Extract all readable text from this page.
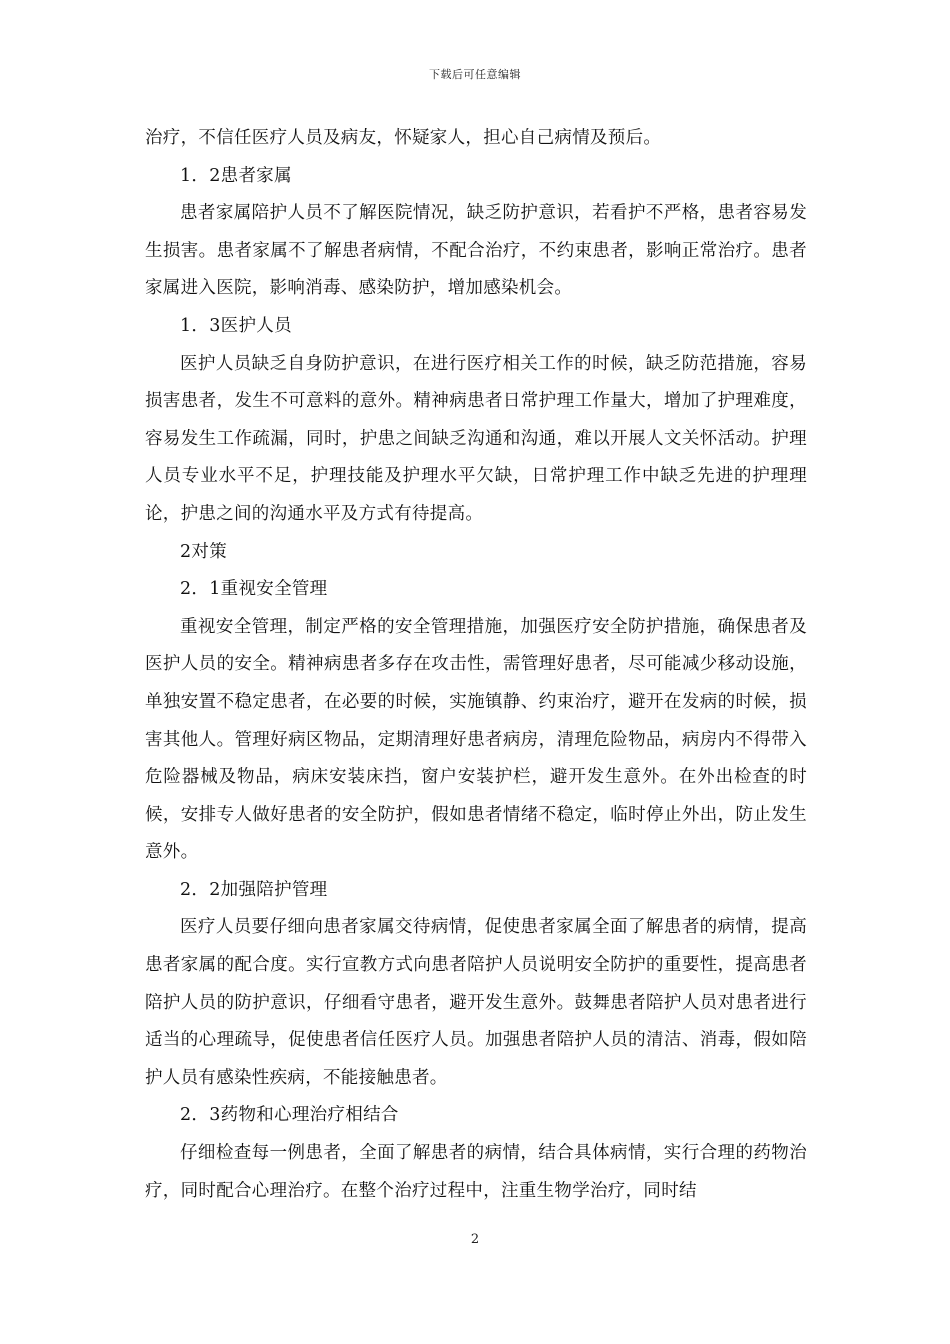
下载后可任意编辑

治疗，不信任医疗人员及病友，怀疑家人，担心自己病情及预后。

1．2患者家属

患者家属陪护人员不了解医院情况，缺乏防护意识，若看护不严格，患者容易发生损害。患者家属不了解患者病情，不配合治疗，不约束患者，影响正常治疗。患者家属进入医院，影响消毒、感染防护，增加感染机会。

1．3医护人员

医护人员缺乏自身防护意识，在进行医疗相关工作的时候，缺乏防范措施，容易损害患者，发生不可意料的意外。精神病患者日常护理工作量大，增加了护理难度，容易发生工作疏漏，同时，护患之间缺乏沟通和沟通，难以开展人文关怀活动。护理人员专业水平不足，护理技能及护理水平欠缺，日常护理工作中缺乏先进的护理理论，护患之间的沟通水平及方式有待提高。

2对策

2．1重视安全管理

重视安全管理，制定严格的安全管理措施，加强医疗安全防护措施，确保患者及医护人员的安全。精神病患者多存在攻击性，需管理好患者，尽可能减少移动设施，单独安置不稳定患者，在必要的时候，实施镇静、约束治疗，避开在发病的时候，损害其他人。管理好病区物品，定期清理好患者病房，清理危险物品，病房内不得带入危险器械及物品，病床安装床挡，窗户安装护栏，避开发生意外。在外出检查的时候，安排专人做好患者的安全防护，假如患者情绪不稳定，临时停止外出，防止发生意外。

2．2加强陪护管理

医疗人员要仔细向患者家属交待病情，促使患者家属全面了解患者的病情，提高患者家属的配合度。实行宣教方式向患者陪护人员说明安全防护的重要性，提高患者陪护人员的防护意识，仔细看守患者，避开发生意外。鼓舞患者陪护人员对患者进行适当的心理疏导，促使患者信任医疗人员。加强患者陪护人员的清洁、消毒，假如陪护人员有感染性疾病，不能接触患者。

2．3药物和心理治疗相结合

仔细检查每一例患者，全面了解患者的病情，结合具体病情，实行合理的药物治疗，同时配合心理治疗。在整个治疗过程中，注重生物学治疗，同时结

2
